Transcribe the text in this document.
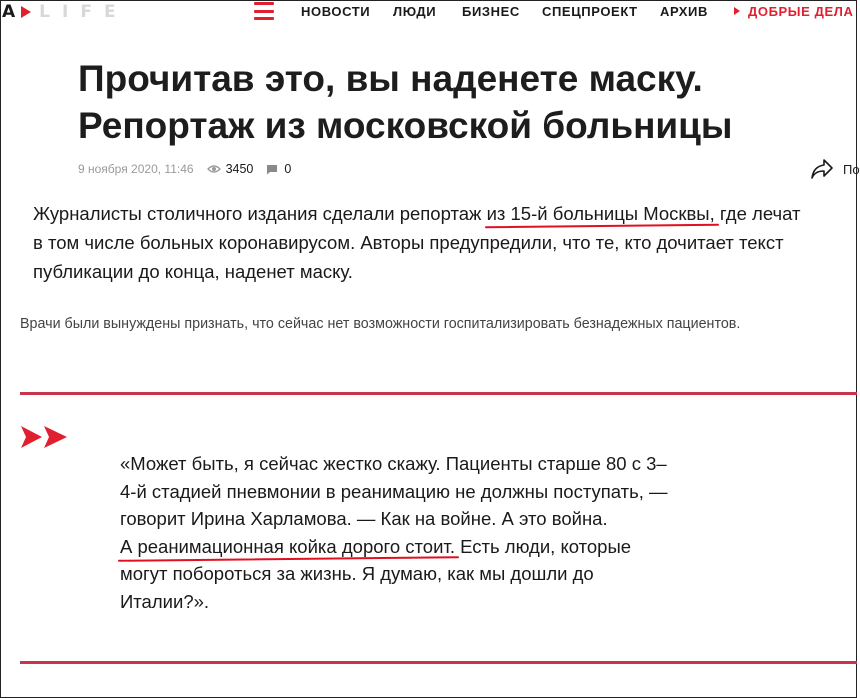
A LIFE	НОВОСТИ ЛЮДИ БИЗНЕС СПЕЦПРОЕКТ АРХИВ	ДОБРЫЕ ДЕЛА
Прочитав это, вы наденете маску. Репортаж из московской больницы
9 ноября 2020, 11:46	3450 0	По

Журналисты столичного издания сделали репортаж из 15-й больницы Москвы, где лечат в том числе больных коронавирусом. Авторы предупредили, что те, кто дочитает текст публикации до конца, наденет маску.

Врачи были вынуждены признать, что сейчас нет возможности госпитализировать безнадежных пациентов.

«Может быть, я сейчас жестко скажу. Пациенты старше 80 с 3–4-й стадией пневмонии в реанимацию не должны поступать, — говорит Ирина Харламова. — Как на войне. А это война. А реанимационная койка дорого стоит. Есть люди, которые могут побороться за жизнь. Я думаю, как мы дошли до Италии?».
